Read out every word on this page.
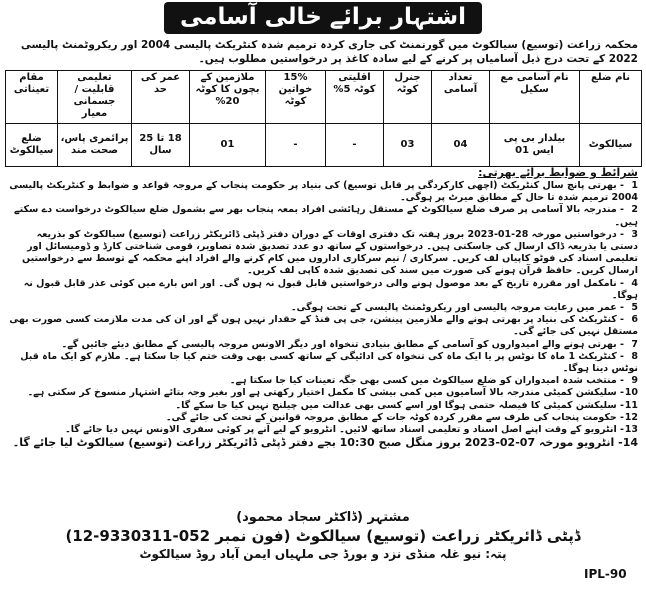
اشتہار برائے خالی آسامی
محکمہ زراعت (توسیع) سیالکوٹ میں گورنمنٹ کی جاری کردہ ترمیم شدہ کنٹریکٹ پالیسی 2004 اور ریکروٹمنٹ پالیسی 2022 کے تحت درج ذیل آسامیاں پر کرنے کے لیے سادہ کاغذ پر درخواستیں مطلوب ہیں۔
نام ضلع	نام آسامی مع سکیل	تعداد آسامی	جنرل کوٹہ	اقلیتی کوٹہ 5%	15% خواتین کوٹہ	ملازمین کے بچوں کا کوٹہ 20%	عمر کی حد	تعلیمی قابلیت / جسمانی معیار	مقام تعیناتی
سیالکوٹ	بیلدار بی پی ایس 01	04	03	-	-	01	18 تا 25 سال	پرائمری پاس، صحت مند	ضلع سیالکوٹ
شرائط و ضوابط برائے بھرتی:

1- بھرتی پانچ سال کنٹریکٹ (اچھی کارکردگی پر قابل توسیع) کی بنیاد پر حکومت پنجاب کے مروجہ قواعد و ضوابط و کنٹریکٹ پالیسی 2004 ترمیم شدہ تا حال کے مطابق میرٹ پر ہوگی۔

2- مندرجہ بالا آسامی پر صرف ضلع سیالکوٹ کے مستقل رہائشی افراد بمعہ پنجاب بھر سے بشمول ضلع سیالکوٹ درخواست دے سکتے ہیں۔

3- درخواستیں مورخہ 28-01-2023 بروز ہفتہ تک دفتری اوقات کے دوران دفتر ڈپٹی ڈائریکٹر زراعت (توسیع) سیالکوٹ کو بذریعہ دستی یا بذریعہ ڈاک ارسال کی جاسکتی ہیں۔ درخواستوں کے ساتھ دو عدد تصدیق شدہ تصاویر، قومی شناختی کارڈ و ڈومیسائل اور تعلیمی اسناد کی فوٹو کاپیاں لف کریں۔ سرکاری / نیم سرکاری اداروں میں کام کرنے والے افراد اپنے محکمہ کے توسط سے درخواستیں ارسال کریں۔ حافظ قرآن ہونے کی صورت میں سند کی تصدیق شدہ کاپی لف کریں۔

4- نامکمل اور مقررہ تاریخ کے بعد موصول ہونے والی درخواستیں قابل قبول نہ ہوں گی۔ اور اس بارے میں کوئی عذر قابل قبول نہ ہوگا۔

5- عمر میں رعایت مروجہ پالیسی اور ریکروٹمنٹ پالیسی کے تحت ہوگی۔

6- کنٹریکٹ کی بنیاد پر بھرتی ہونے والے ملازمین پینشن، جی پی فنڈ کے حقدار نہیں ہوں گے اور ان کی مدت ملازمت کسی صورت بھی مستقل نہیں کی جائے گی۔

7- بھرتی ہونے والے امیدواروں کو آسامی کے مطابق بنیادی تنخواہ اور دیگر الاونس مروجہ پالیسی کے مطابق دیئے جائیں گے۔

8- کنٹریکٹ 1 ماہ کا نوٹس پر یا ایک ماہ کی تنخواہ کی ادائیگی کے ساتھ کسی بھی وقت ختم کیا جا سکتا ہے۔ ملازم کو ایک ماہ قبل نوٹس دینا ہوگا۔

9- منتخب شدہ امیدواران کو ضلع سیالکوٹ میں کسی بھی جگہ تعینات کیا جا سکتا ہے۔

10- سلیکشن کمیٹی مندرجہ بالا آسامیوں میں کمی بیشی کا مکمل اختیار رکھتی ہے اور بغیر وجہ بتائے اشتہار منسوخ کر سکتی ہے۔

11- سلیکشن کمیٹی کا فیصلہ حتمی ہوگا اور اسے کسی بھی عدالت میں چیلنج نہیں کیا جا سکے گا۔

12- حکومت پنجاب کی طرف سے مقرر کردہ کوٹہ جات کے مطابق مروجہ قوانین کے تحت کی جائے گی۔

13- انٹرویو کے وقت اپنے اصل اسناد و تعلیمی اسناد ساتھ لائیں۔ انٹرویو کے لیے آنے پر کوئی سفری الاونس نہیں دیا جائے گا۔

14- انٹرویو مورخہ 07-02-2023 بروز منگل صبح 10:30 بجے دفتر ڈپٹی ڈائریکٹر زراعت (توسیع) سیالکوٹ لیا جائے گا۔

مشتہر (ڈاکٹر سجاد محمود)
ڈپٹی ڈائریکٹر زراعت (توسیع) سیالکوٹ (فون نمبر 052-9330311-12)
پتہ: نیو غلہ منڈی نزد و بورڈ جی ملہیاں ایمن آباد روڈ سیالکوٹ
IPL-90
